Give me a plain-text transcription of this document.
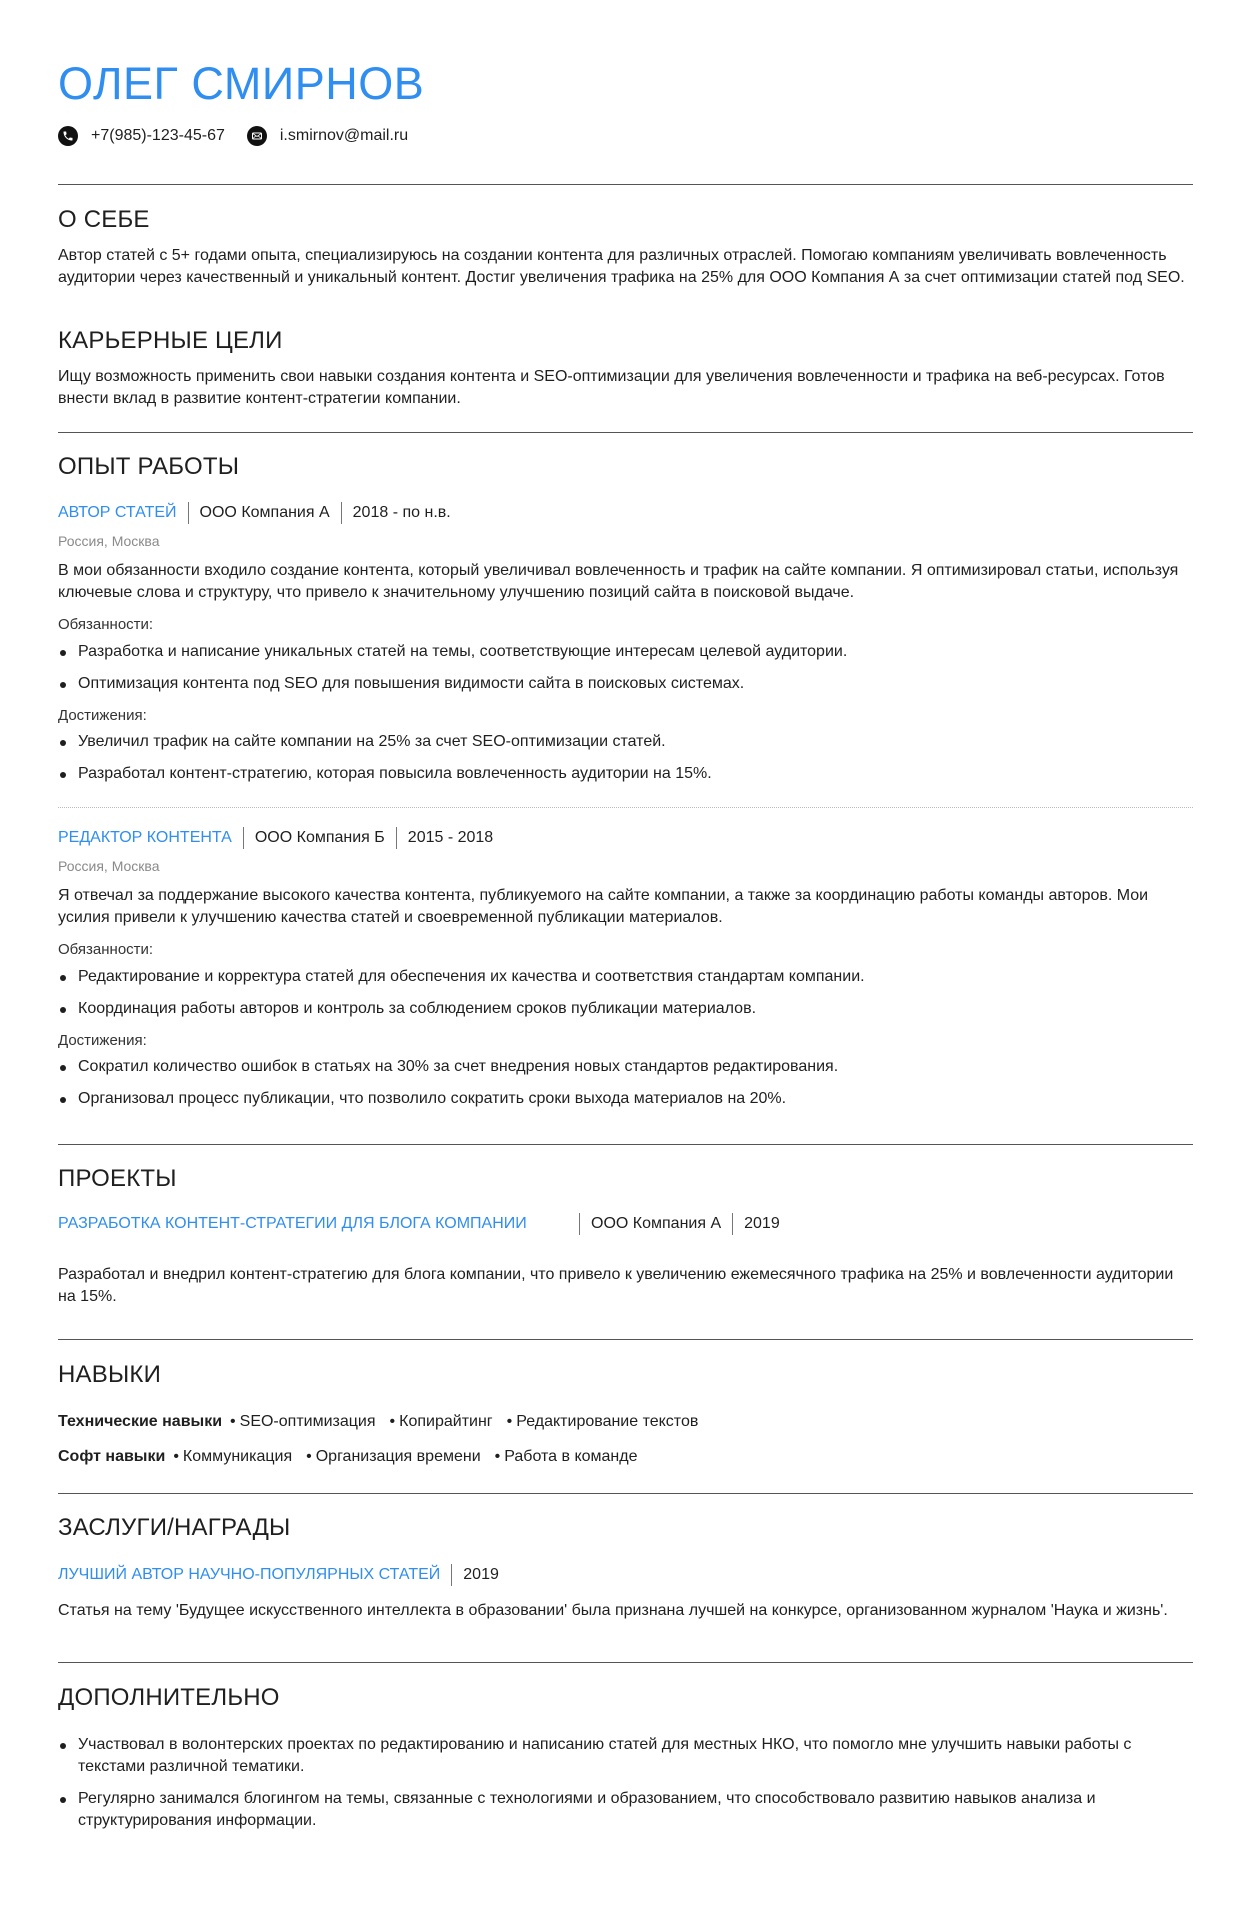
ОЛЕГ СМИРНОВ
+7(985)-123-45-67	i.smirnov@mail.ru
О СЕБЕ
Автор статей с 5+ годами опыта, специализируюсь на создании контента для различных отраслей. Помогаю компаниям увеличивать вовлеченность аудитории через качественный и уникальный контент. Достиг увеличения трафика на 25% для ООО Компания А за счет оптимизации статей под SEO.
КАРЬЕРНЫЕ ЦЕЛИ
Ищу возможность применить свои навыки создания контента и SEO-оптимизации для увеличения вовлеченности и трафика на веб-ресурсах. Готов внести вклад в развитие контент-стратегии компании.
ОПЫТ РАБОТЫ
АВТОР СТАТЕЙ ООО Компания А 2018 - по н.в.
Россия, Москва
В мои обязанности входило создание контента, который увеличивал вовлеченность и трафик на сайте компании. Я оптимизировал статьи, используя ключевые слова и структуру, что привело к значительному улучшению позиций сайта в поисковой выдаче.
Обязанности:
Разработка и написание уникальных статей на темы, соответствующие интересам целевой аудитории.
Оптимизация контента под SEO для повышения видимости сайта в поисковых системах.
Достижения:
Увеличил трафик на сайте компании на 25% за счет SEO-оптимизации статей.
Разработал контент-стратегию, которая повысила вовлеченность аудитории на 15%.
РЕДАКТОР КОНТЕНТА ООО Компания Б 2015 - 2018
Россия, Москва
Я отвечал за поддержание высокого качества контента, публикуемого на сайте компании, а также за координацию работы команды авторов. Мои усилия привели к улучшению качества статей и своевременной публикации материалов.
Обязанности:
Редактирование и корректура статей для обеспечения их качества и соответствия стандартам компании.
Координация работы авторов и контроль за соблюдением сроков публикации материалов.
Достижения:
Сократил количество ошибок в статьях на 30% за счет внедрения новых стандартов редактирования.
Организовал процесс публикации, что позволило сократить сроки выхода материалов на 20%.
ПРОЕКТЫ
РАЗРАБОТКА КОНТЕНТ-СТРАТЕГИИ ДЛЯ БЛОГА КОМПАНИИ	ООО Компания А 2019
Разработал и внедрил контент-стратегию для блога компании, что привело к увеличению ежемесячного трафика на 25% и вовлеченности аудитории на 15%.
НАВЫКИ
Технические навыки	• SEO-оптимизация	• Копирайтинг	• Редактирование текстов
Софт навыки	• Коммуникация	• Организация времени	• Работа в команде
ЗАСЛУГИ/НАГРАДЫ
ЛУЧШИЙ АВТОР НАУЧНО-ПОПУЛЯРНЫХ СТАТЕЙ 2019
Статья на тему 'Будущее искусственного интеллекта в образовании' была признана лучшей на конкурсе, организованном журналом 'Наука и жизнь'.
ДОПОЛНИТЕЛЬНО
Участвовал в волонтерских проектах по редактированию и написанию статей для местных НКО, что помогло мне улучшить навыки работы с текстами различной тематики.
Регулярно занимался блогингом на темы, связанные с технологиями и образованием, что способствовало развитию навыков анализа и структурирования информации.
